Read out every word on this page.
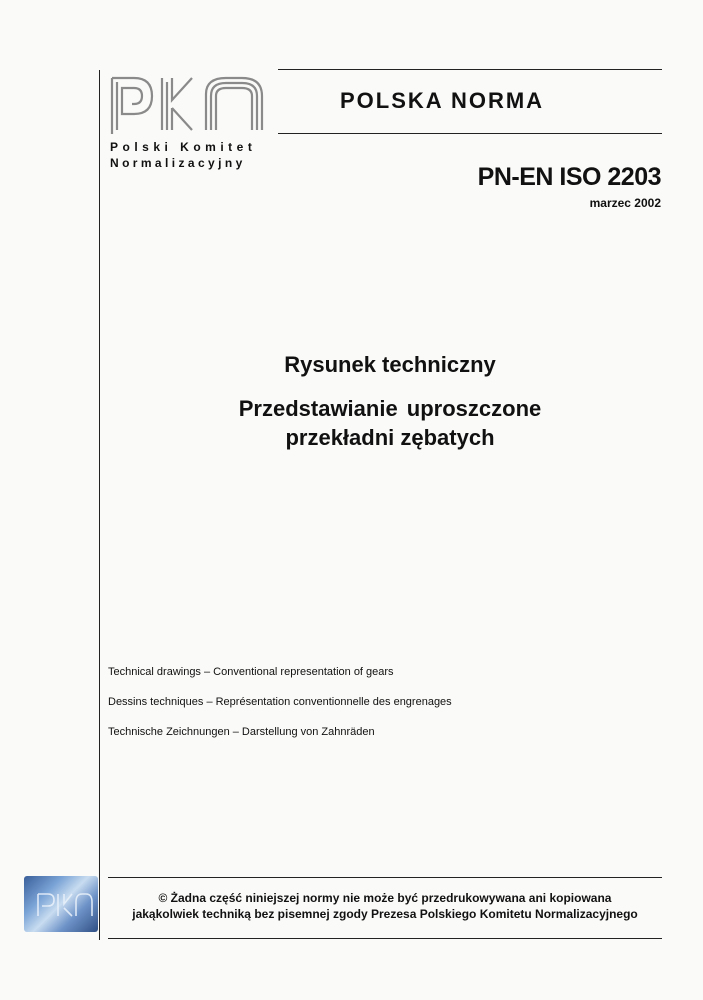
Polski Komitet
Normalizacyjny
POLSKA NORMA
PN-EN ISO 2203
marzec 2002
Rysunek techniczny
Przedstawianie uproszczone
przekładni zębatych
Technical drawings – Conventional representation of gears
Dessins techniques – Représentation conventionnelle des engrenages
Technische Zeichnungen – Darstellung von Zahnräden
© Żadna część niniejszej normy nie może być przedrukowywana ani kopiowana
jakąkolwiek techniką bez pisemnej zgody Prezesa Polskiego Komitetu Normalizacyjnego
